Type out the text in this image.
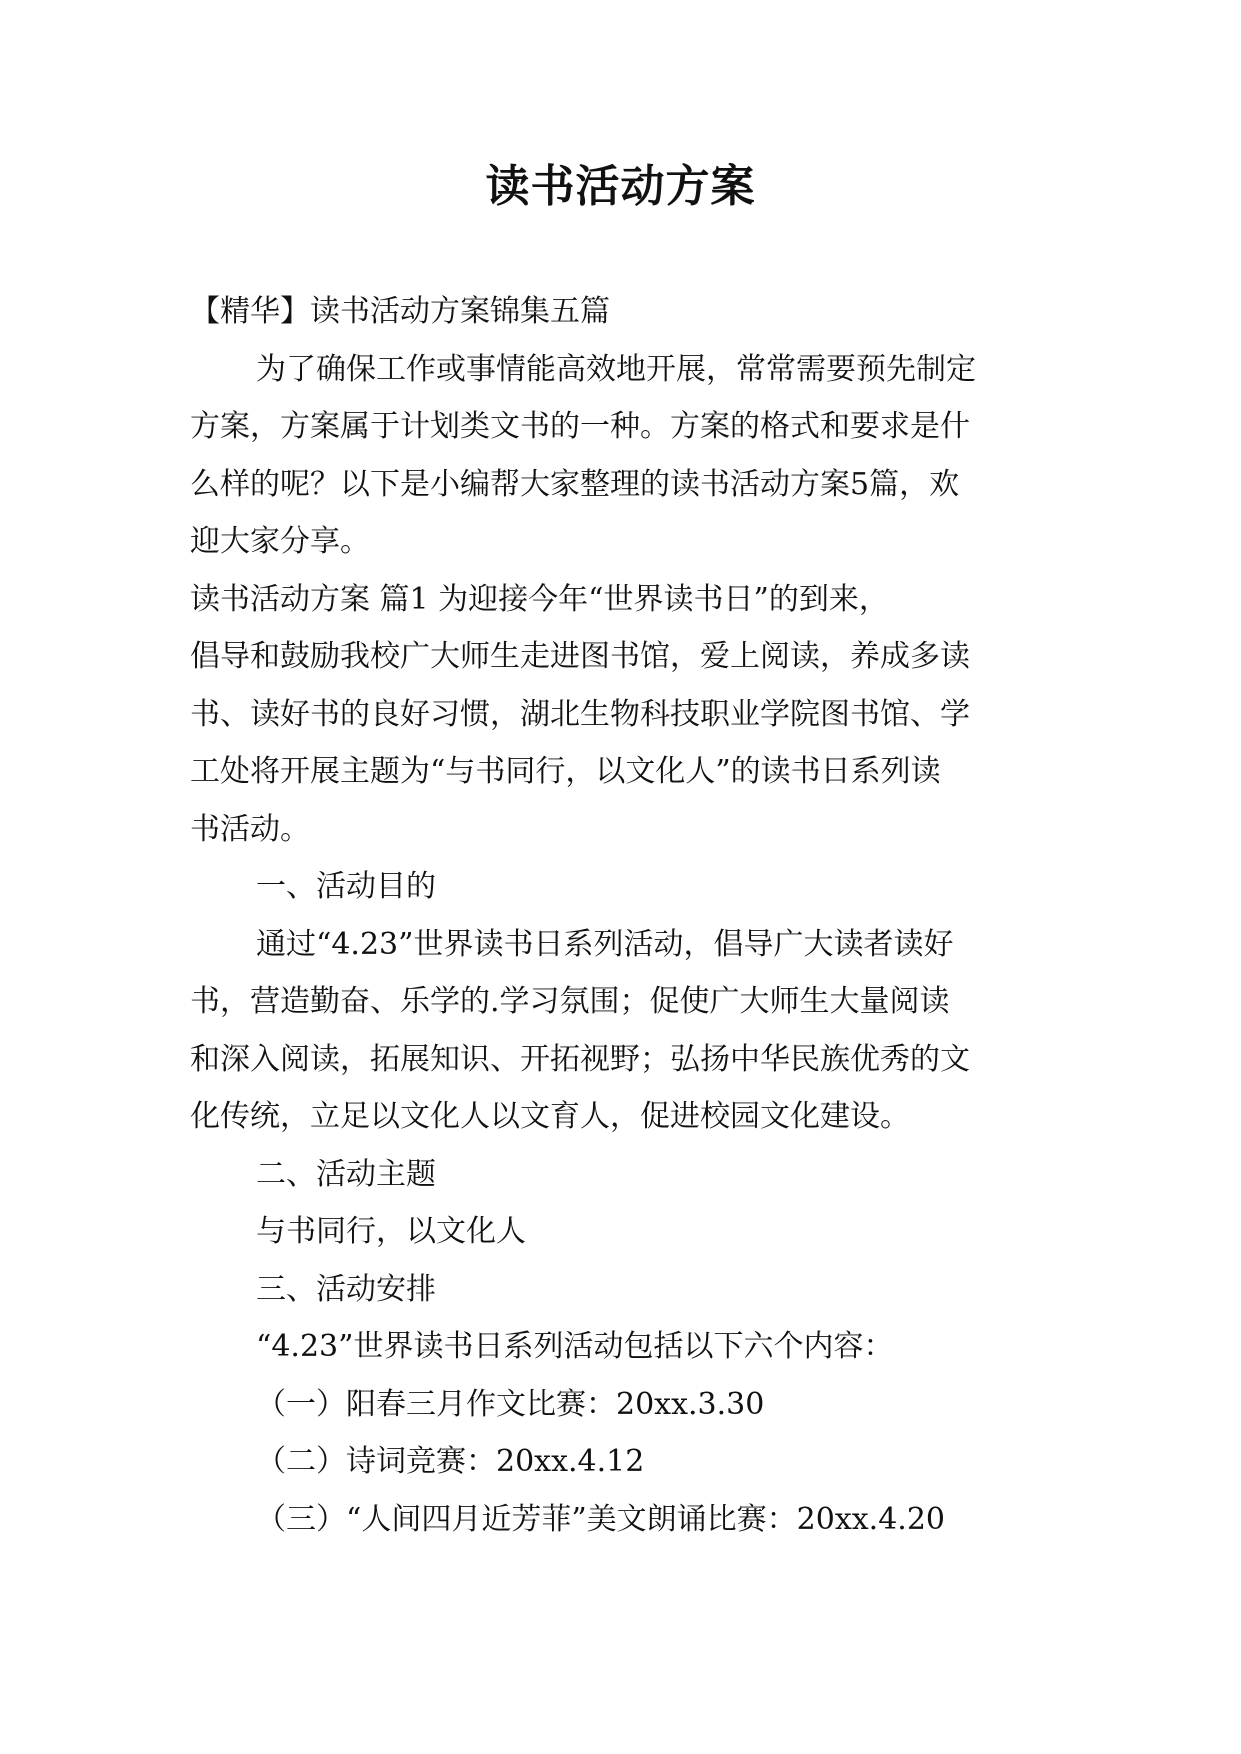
读书活动方案

【精华】读书活动方案锦集五篇

为了确保工作或事情能高效地开展，常常需要预先制定

方案，方案属于计划类文书的一种。方案的格式和要求是什

么样的呢？以下是小编帮大家整理的读书活动方案5篇，欢

迎大家分享。

读书活动方案 篇1 为迎接今年“世界读书日”的到来，

倡导和鼓励我校广大师生走进图书馆，爱上阅读，养成多读

书、读好书的良好习惯，湖北生物科技职业学院图书馆、学

工处将开展主题为“与书同行，以文化人”的读书日系列读

书活动。

一、活动目的

通过“4.23”世界读书日系列活动，倡导广大读者读好

书，营造勤奋、乐学的.学习氛围；促使广大师生大量阅读

和深入阅读，拓展知识、开拓视野；弘扬中华民族优秀的文

化传统，立足以文化人以文育人，促进校园文化建设。

二、活动主题

与书同行，以文化人

三、活动安排

“4.23”世界读书日系列活动包括以下六个内容：

（一）阳春三月作文比赛：20xx.3.30

（二）诗词竞赛：20xx.4.12

（三）“人间四月近芳菲”美文朗诵比赛：20xx.4.20
